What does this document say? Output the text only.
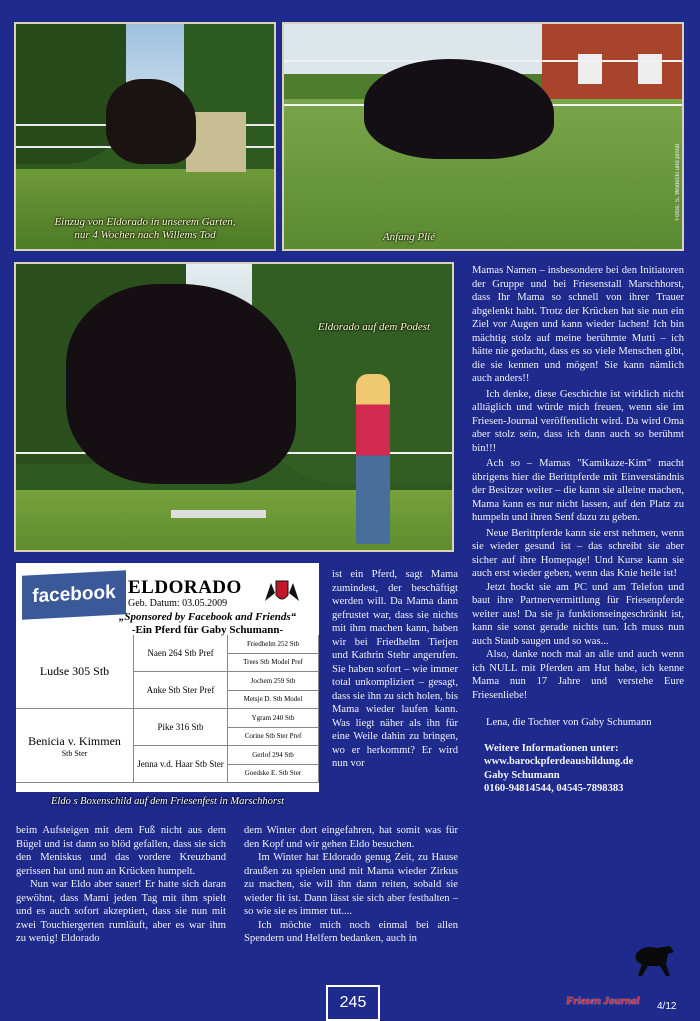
Einzug von Eldorado in unserem Garten,
nur 4 Wochen nach Willems Tod	Anfang Plié
Fotos: S. Wodecki und privat
Eldorado auf dem Podest

Mamas Namen – insbesondere bei den Initiatoren der Gruppe und bei Friesenstall Marschhorst, dass Ihr Mama so schnell von ihrer Trauer abgelenkt habt. Trotz der Krücken hat sie nun ein Ziel vor Augen und kann wieder lachen! Ich bin mächtig stolz auf meine berühmte Mutti – ich hätte nie gedacht, dass es so viele Menschen gibt, die sie kennen und mögen! Sie kann nämlich auch anders!!

Ich denke, diese Geschichte ist wirklich nicht alltäglich und würde mich freuen, wenn sie im Friesen-Journal veröffentlicht wird. Da wird Oma aber stolz sein, dass ich dann auch so berühmt bin!!!

Ach so – Mamas "Kamikaze-Kim" macht übrigens hier die Berittpferde mit Einverständnis der Besitzer weiter – die kann sie alleine machen, Mama kann es nur nicht lassen, auf den Platz zu humpeln und ihren Senf dazu zu geben.

Neue Berittpferde kann sie erst nehmen, wenn sie wieder gesund ist – das schreibt sie aber sicher auf ihre Homepage! Und Kurse kann sie auch erst wieder geben, wenn das Knie heile ist!

Jetzt hockt sie am PC und am Telefon und baut ihre Partnervermittlung für Friesenpferde weiter aus! Da sie ja funktionseingeschränkt ist, kann sie sonst gerade nichts tun. Ich muss nun auch Staub saugen und so was...

Also, danke noch mal an alle und auch wenn ich NULL mit Pferden am Hut habe, ich kenne Mama nun 17 Jahre und verstehe Eure Friesenliebe!

Lena, die Tochter von Gaby Schumann

Weitere Informationen unter:
www.barockpferdeausbildung.de
Gaby Schumann
0160-94814544, 04545-7898383
facebook ELDORADO
Geb. Datum: 03.05.2009
„Sponsored by Facebook and Friends“
-Ein Pferd für Gaby Schumann-
Ludse 305 Stb
Benicia v. Kimmen
Stb Ster
Naen 264 Stb Pref
Anke Stb Ster Pref
Pike 316 Stb
Jenna v.d. Haar Stb Ster
Friedhelm 252 Stb
Trees Stb Model Pref
Jochem 259 Stb
Metsje D. Stb Model
Ygram 240 Stb
Corine Stb Ster Pref
Gerlof 294 Stb
Goedske E. Stb Ster
Eldo s Boxenschild auf dem Friesenfest in Marschhorst

ist ein Pferd, sagt Mama zumindest, der beschäftigt werden will. Da Mama dann gefrustet war, dass sie nichts mit ihm machen kann, haben wir bei Friedhelm Tietjen und Kathrin Stehr angerufen. Sie haben sofort – wie immer total unkompliziert – gesagt, dass sie ihn zu sich holen, bis Mama wieder laufen kann. Was liegt näher als ihn für eine Weile dahin zu bringen, wo er herkommt? Er wird nun vor

beim Aufsteigen mit dem Fuß nicht aus dem Bügel und ist dann so blöd gefallen, dass sie sich den Meniskus und das vordere Kreuzband gerissen hat und nun an Krücken humpelt.

Nun war Eldo aber sauer! Er hatte sich daran gewöhnt, dass Mami jeden Tag mit ihm spielt und es auch sofort akzeptiert, dass sie nun mit zwei Touchiergerten rumläuft, aber es war ihm zu wenig! Eldorado

dem Winter dort eingefahren, hat somit was für den Kopf und wir gehen Eldo besuchen.

Im Winter hat Eldorado genug Zeit, zu Hause draußen zu spielen und mit Mama wieder Zirkus zu machen, sie will ihn dann reiten, sobald sie wieder fit ist. Dann lässt sie sich aber festhalten – so wie sie es immer tut....

Ich möchte mich noch einmal bei allen Spendern und Helfern bedanken, auch in

245	Friesen Journal 4/12
